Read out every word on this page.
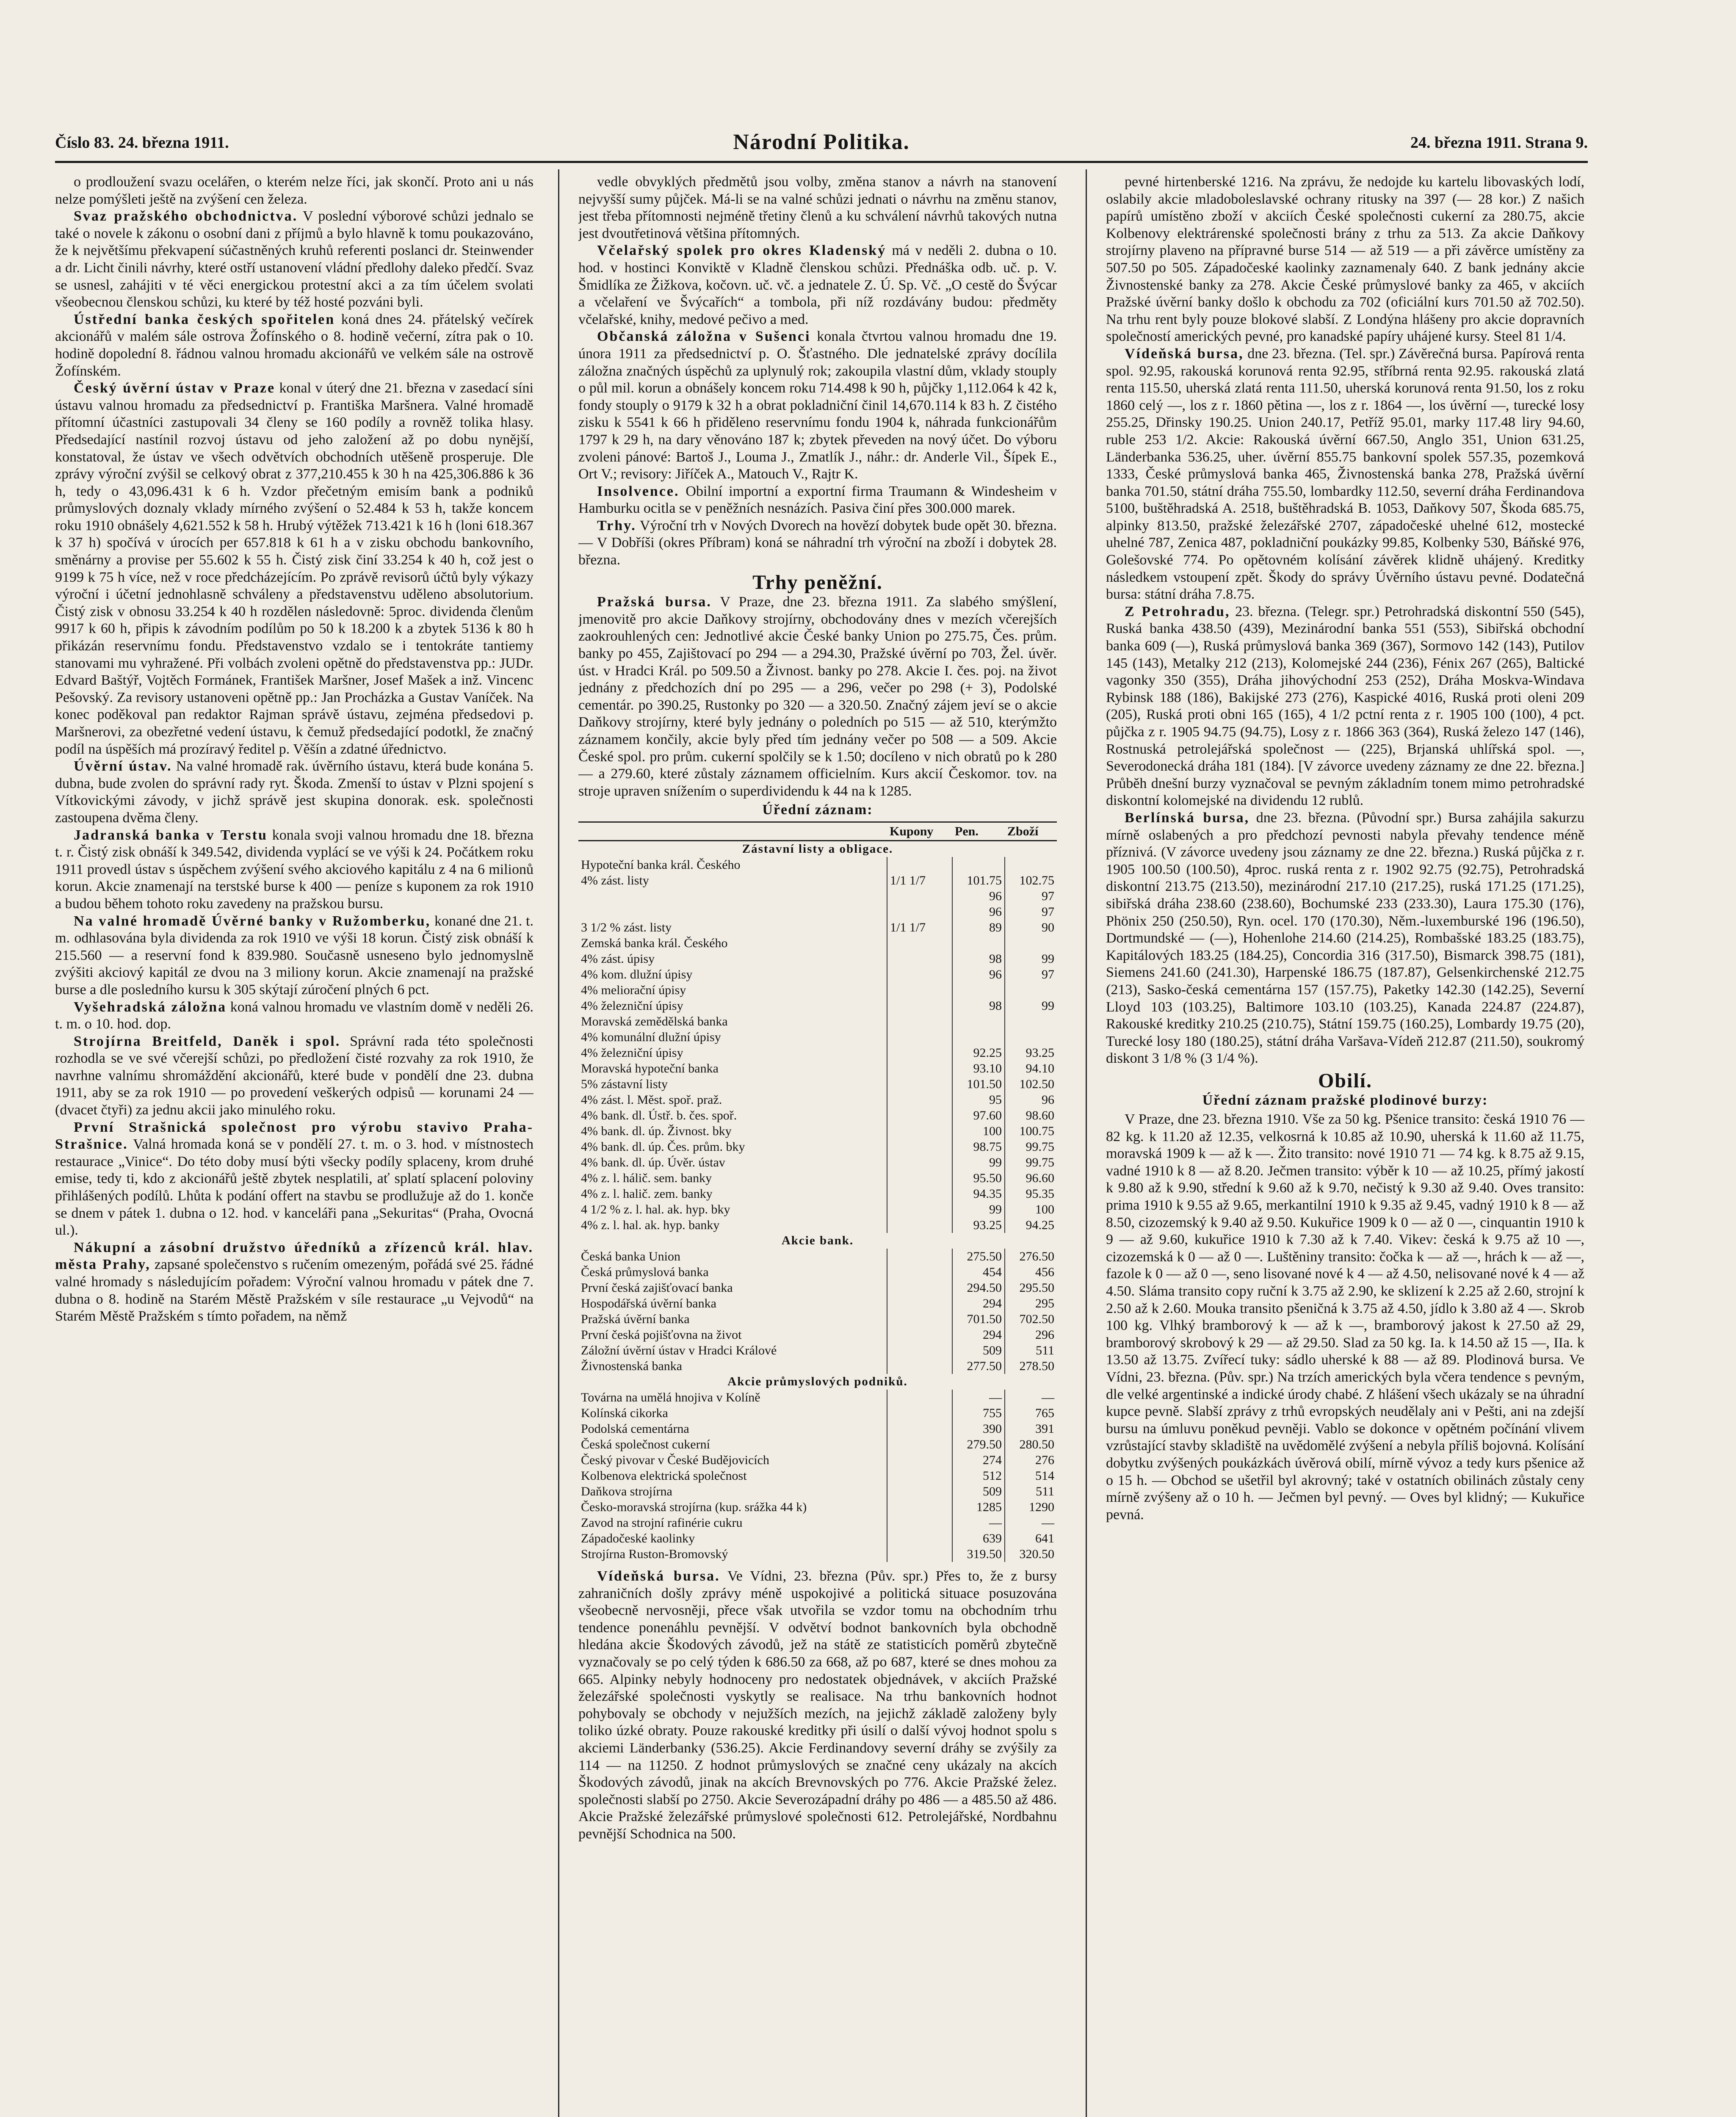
Číslo 83. 24. března 1911.	Národní Politika.	24. března 1911. Strana 9.

o prodloužení svazu ocelářen, o kterém nelze říci, jak skončí. Proto ani u nás nelze pomýšleti ještě na zvýšení cen železa.

Svaz pražského obchodnictva. V poslední výborové schůzi jednalo se také o novele k zákonu o osobní dani z příjmů a bylo hlavně k tomu poukazováno, že k největšímu překvapení súčastněných kruhů referenti poslanci dr. Steinwender a dr. Licht činili návrhy, které ostří ustanovení vládní předlohy daleko předčí. Svaz se usnesl, zahájiti v té věci energickou protestní akci a za tím účelem svolati všeobecnou členskou schůzi, ku které by též hosté pozváni byli.

Ústřední banka českých spořitelen koná dnes 24. přátelský večírek akcionářů v malém sále ostrova Žofínského o 8. hodině večerní, zítra pak o 10. hodině dopolední 8. řádnou valnou hromadu akcionářů ve velkém sále na ostrově Žofínském.

Český úvěrní ústav v Praze konal v úterý dne 21. března v zasedací síni ústavu valnou hromadu za předsednictví p. Františka Maršnera. Valné hromadě přítomní účastníci zastupovali 34 členy se 160 podíly a rovněž tolika hlasy. Předsedající nastínil rozvoj ústavu od jeho založení až po dobu nynější, konstatoval, že ústav ve všech odvětvích obchodních utěšeně prosperuje. Dle zprávy výroční zvýšil se celkový obrat z 377,210.455 k 30 h na 425,306.886 k 36 h, tedy o 43,096.431 k 6 h. Vzdor přečetným emisím bank a podniků průmyslových doznaly vklady mírného zvýšení o 52.484 k 53 h, takže koncem roku 1910 obnášely 4,621.552 k 58 h. Hrubý výtěžek 713.421 k 16 h (loni 618.367 k 37 h) spočívá v úrocích per 657.818 k 61 h a v zisku obchodu bankovního, směnárny a provise per 55.602 k 55 h. Čistý zisk činí 33.254 k 40 h, což jest o 9199 k 75 h více, než v roce předcházejícím. Po zprávě revisorů účtů byly výkazy výroční i účetní jednohlasně schváleny a představenstvu uděleno absolutorium. Čistý zisk v obnosu 33.254 k 40 h rozdělen následovně: 5proc. dividenda členům 9917 k 60 h, připis k závodním podílům po 50 k 18.200 k a zbytek 5136 k 80 h přikázán reservnímu fondu. Představenstvo vzdalo se i tentokráte tantiemy stanovami mu vyhražené. Při volbách zvoleni opětně do představenstva pp.: JUDr. Edvard Baštýř, Vojtěch Formánek, František Maršner, Josef Mašek a inž. Vincenc Pešovský. Za revisory ustanoveni opětně pp.: Jan Procházka a Gustav Vaníček. Na konec poděkoval pan redaktor Rajman správě ústavu, zejména předsedovi p. Maršnerovi, za obezřetné vedení ústavu, k čemuž předsedající podotkl, že značný podíl na úspěších má prozíravý ředitel p. Věšín a zdatné úřednictvo.

Úvěrní ústav. Na valné hromadě rak. úvěrního ústavu, která bude konána 5. dubna, bude zvolen do správní rady ryt. Škoda. Zmenší to ústav v Plzni spojení s Vítkovickými závody, v jichž správě jest skupina donorak. esk. společnosti zastoupena dvěma členy.

Jadranská banka v Terstu konala svoji valnou hromadu dne 18. března t. r. Čistý zisk obnáší k 349.542, dividenda vyplácí se ve výši k 24. Počátkem roku 1911 provedl ústav s úspěchem zvýšení svého akciového kapitálu z 4 na 6 milionů korun. Akcie znamenají na terstské burse k 400 — peníze s kuponem za rok 1910 a budou během tohoto roku zavedeny na pražskou bursu.

Na valné hromadě Úvěrné banky v Ružomberku, konané dne 21. t. m. odhlasována byla dividenda za rok 1910 ve výši 18 korun. Čistý zisk obnáší k 215.560 — a reservní fond k 839.980. Současně usneseno bylo jednomyslně zvýšiti akciový kapitál ze dvou na 3 miliony korun. Akcie znamenají na pražské burse a dle posledního kursu k 305 skýtají zúročení plných 6 pct.

Vyšehradská záložna koná valnou hromadu ve vlastním domě v neděli 26. t. m. o 10. hod. dop.

Strojírna Breitfeld, Daněk i spol. Správní rada této společnosti rozhodla se ve své včerejší schůzi, po předložení čisté rozvahy za rok 1910, že navrhne valnímu shromáždění akcionářů, které bude v pondělí dne 23. dubna 1911, aby se za rok 1910 — po provedení veškerých odpisů — korunami 24 — (dvacet čtyři) za jednu akcii jako minulého roku.

První Strašnická společnost pro výrobu stavivo Praha-Strašnice. Valná hromada koná se v pondělí 27. t. m. o 3. hod. v místnostech restaurace „Vinice“. Do této doby musí býti všecky podíly splaceny, krom druhé emise, tedy ti, kdo z akcionářů ještě zbytek nesplatili, ať splatí splacení poloviny přihlášených podílů. Lhůta k podání offert na stavbu se prodlužuje až do 1. konče se dnem v pátek 1. dubna o 12. hod. v kanceláři pana „Sekuritas“ (Praha, Ovocná ul.).

Nákupní a zásobní družstvo úředníků a zřízenců král. hlav. města Prahy, zapsané společenstvo s ručením omezeným, pořádá své 25. řádné valné hromady s následujícím pořadem: Výroční valnou hromadu v pátek dne 7. dubna o 8. hodině na Starém Městě Pražském v síle restaurace „u Vejvodů“ na Starém Městě Pražském s tímto pořadem, na němž

vedle obvyklých předmětů jsou volby, změna stanov a návrh na stanovení nejvyšší sumy půjček. Má-li se na valné schůzi jednati o návrhu na změnu stanov, jest třeba přítomnosti nejméně třetiny členů a ku schválení návrhů takových nutna jest dvoutřetinová většina přítomných.

Včelařský spolek pro okres Kladenský má v neděli 2. dubna o 10. hod. v hostinci Konviktě v Kladně členskou schůzi. Přednáška odb. uč. p. V. Šmidlíka ze Žižkova, kočovn. uč. vč. a jednatele Z. Ú. Sp. Vč. „O cestě do Švýcar a včelaření ve Švýcařích“ a tombola, při níž rozdávány budou: předměty včelařské, knihy, medové pečivo a med.

Občanská záložna v Sušenci konala čtvrtou valnou hromadu dne 19. února 1911 za předsednictví p. O. Šťastného. Dle jednatelské zprávy docílila záložna značných úspěchů za uplynulý rok; zakoupila vlastní dům, vklady stouply o půl mil. korun a obnášely koncem roku 714.498 k 90 h, půjčky 1,112.064 k 42 k, fondy stouply o 9179 k 32 h a obrat pokladniční činil 14,670.114 k 83 h. Z čistého zisku k 5541 k 66 h přiděleno reservnímu fondu 1904 k, náhrada funkcionářům 1797 k 29 h, na dary věnováno 187 k; zbytek převeden na nový účet. Do výboru zvoleni pánové: Bartoš J., Louma J., Zmatlík J., náhr.: dr. Anderle Vil., Šípek E., Ort V.; revisory: Jiříček A., Matouch V., Rajtr K.

Insolvence. Obilní importní a exportní firma Traumann & Windesheim v Hamburku ocitla se v peněžních nesnázích. Pasiva činí přes 300.000 marek.

Trhy. Výroční trh v Nových Dvorech na hovězí dobytek bude opět 30. března. — V Dobříši (okres Příbram) koná se náhradní trh výroční na zboží i dobytek 28. března.

Trhy peněžní.

Pražská bursa. V Praze, dne 23. března 1911. Za slabého smýšlení, jmenovitě pro akcie Daňkovy strojírny, obchodovány dnes v mezích včerejších zaokrouhlených cen: Jednotlivé akcie České banky Union po 275.75, Čes. prům. banky po 455, Zajištovací po 294 — a 294.30, Pražské úvěrní po 703, Žel. úvěr. úst. v Hradci Král. po 509.50 a Živnost. banky po 278. Akcie I. čes. poj. na život jednány z předchozích dní po 295 — a 296, večer po 298 (+ 3), Podolské cementár. po 390.25, Rustonky po 320 — a 320.50. Značný zájem jeví se o akcie Daňkovy strojírny, které byly jednány o poledních po 515 — až 510, kterýmžto záznamem končily, akcie byly před tím jednány večer po 508 — a 509. Akcie České spol. pro prům. cukerní spolčily se k 1.50; docíleno v nich obratů po k 280 — a 279.60, které zůstaly záznamem officielním. Kurs akcií Českomor. tov. na stroje upraven snížením o superdividendu k 44 na k 1285.

Úřední záznam:
	Kupony	Pen.	Zboží
Zástavní listy a obligace.			
Hypoteční banka král. Českého			
4% zást. listy	1/1 1/7	101.75	102.75
		96	97
		96	97
3 1/2 % zást. listy	1/1 1/7	89	90
Zemská banka král. Českého			
4% zást. úpisy		98	99
4% kom. dlužní úpisy		96	97
4% meliorační úpisy			
4% železniční úpisy		98	99
Moravská zemědělská banka			
4% komunální dlužní úpisy			
4% železniční úpisy		92.25	93.25
Moravská hypoteční banka		93.10	94.10
5% zástavní listy		101.50	102.50
4% zást. l. Měst. spoř. praž.		95	96
4% bank. dl. Ústř. b. čes. spoř.		97.60	98.60
4% bank. dl. úp. Živnost. bky		100	100.75
4% bank. dl. úp. Čes. prům. bky		98.75	99.75
4% bank. dl. úp. Úvěr. ústav		99	99.75
4% z. l. hálič. sem. banky		95.50	96.60
4% z. l. halič. zem. banky		94.35	95.35
4 1/2 % z. l. hal. ak. hyp. bky		99	100
4% z. l. hal. ak. hyp. banky		93.25	94.25
Akcie bank.			
Česká banka Union		275.50	276.50
Česká průmyslová banka		454	456
První česká zajišťovací banka		294.50	295.50
Hospodářská úvěrní banka		294	295
Pražská úvěrní banka		701.50	702.50
První česká pojišťovna na život		294	296
Záložní úvěrní ústav v Hradci Králové		509	511
Živnostenská banka		277.50	278.50
Akcie průmyslových podniků.			
Továrna na umělá hnojiva v Kolíně		—	—
Kolínská cikorka		755	765
Podolská cementárna		390	391
Česká společnost cukerní		279.50	280.50
Český pivovar v České Budějovicích		274	276
Kolbenova elektrická společnost		512	514
Daňkova strojírna		509	511
Česko-moravská strojírna (kup. srážka 44 k)		1285	1290
Zavod na strojní rafinérie cukru		—	—
Západočeské kaolinky		639	641
Strojírna Ruston-Bromovský		319.50	320.50

Vídeňská bursa. Ve Vídni, 23. března (Pův. spr.) Přes to, že z bursy zahraničních došly zprávy méně uspokojivé a politická situace posuzována všeobecně nervosněji, přece však utvořila se vzdor tomu na obchodním trhu tendence ponenáhlu pevnější. V odvětví bodnot bankovních byla obchodně hledána akcie Škodových závodů, jež na státě ze statisticích poměrů zbytečně vyznačovaly se po celý týden k 686.50 za 668, až po 687, které se dnes mohou za 665. Alpinky nebyly hodnoceny pro nedostatek objednávek, v akciích Pražské železářské společnosti vyskytly se realisace. Na trhu bankovních hodnot pohybovaly se obchody v nejužších mezích, na jejichž základě založeny byly toliko úzké obraty. Pouze rakouské kreditky při úsilí o další vývoj hodnot spolu s akciemi Länderbanky (536.25). Akcie Ferdinandovy severní dráhy se zvýšily za 114 — na 11250. Z hodnot průmyslových se značné ceny ukázaly na akcích Škodových závodů, jinak na akcích Brevnovských po 776. Akcie Pražské želez. společnosti slabší po 2750. Akcie Severozápadní dráhy po 486 — a 485.50 až 486. Akcie Pražské železářské průmyslové společnosti 612. Petrolejářské, Nordbahnu pevnější Schodnica na 500.

pevné hirtenberské 1216. Na zprávu, že nedojde ku kartelu libovaských lodí, oslabily akcie mladoboleslavské ochrany ritusky na 397 (— 28 kor.) Z našich papírů umístěno zboží v akciích České společnosti cukerní za 280.75, akcie Kolbenovy elektrárenské společnosti brány z trhu za 513. Za akcie Daňkovy strojírny plaveno na přípravné burse 514 — až 519 — a při závěrce umístěny za 507.50 po 505. Západočeské kaolinky zaznamenaly 640. Z bank jednány akcie Živnostenské banky za 278. Akcie České průmyslové banky za 465, v akciích Pražské úvěrní banky došlo k obchodu za 702 (oficiální kurs 701.50 až 702.50). Na trhu rent byly pouze blokové slabší. Z Londýna hlášeny pro akcie dopravních společností amerických pevné, pro kanadské papíry uhájené kursy. Steel 81 1/4.

Vídeňská bursa, dne 23. března. (Tel. spr.) Závěrečná bursa. Papírová renta spol. 92.95, rakouská korunová renta 92.95, stříbrná renta 92.95. rakouská zlatá renta 115.50, uherská zlatá renta 111.50, uherská korunová renta 91.50, los z roku 1860 celý —, los z r. 1860 pětina —, los z r. 1864 —, los úvěrní —, turecké losy 255.25, Dřinsky 190.25. Union 240.17, Petříž 95.01, marky 117.48 liry 94.60, ruble 253 1/2. Akcie: Rakouská úvěrní 667.50, Anglo 351, Union 631.25, Länderbanka 536.25, uher. úvěrní 855.75 bankovní spolek 557.35, pozemková 1333, České průmyslová banka 465, Živnostenská banka 278, Pražská úvěrní banka 701.50, státní dráha 755.50, lombardky 112.50, severní dráha Ferdinandova 5100, buštěhradská A. 2518, buštěhradská B. 1053, Daňkovy 507, Škoda 685.75, alpinky 813.50, pražské železářské 2707, západočeské uhelné 612, mostecké uhelné 787, Zenica 487, pokladniční poukázky 99.85, Kolbenky 530, Báňské 976, Golešovské 774. Po opětovném kolísání závěrek klidně uhájený. Kreditky následkem vstoupení zpět. Škody do správy Úvěrního ústavu pevné. Dodatečná bursa: státní dráha 7.8.75.

Z Petrohradu, 23. března. (Telegr. spr.) Petrohradská diskontní 550 (545), Ruská banka 438.50 (439), Mezinárodní banka 551 (553), Sibiřská obchodní banka 609 (—), Ruská průmyslová banka 369 (367), Sormovo 142 (143), Putilov 145 (143), Metalky 212 (213), Kolomejské 244 (236), Fénix 267 (265), Baltické vagonky 350 (355), Dráha jihovýchodní 253 (252), Dráha Moskva-Windava Rybinsk 188 (186), Bakijské 273 (276), Kaspické 4016, Ruská proti oleni 209 (205), Ruská proti obni 165 (165), 4 1/2 pctní renta z r. 1905 100 (100), 4 pct. půjčka z r. 1905 94.75 (94.75), Losy z r. 1866 363 (364), Ruská železo 147 (146), Rostnuská petrolejářská společnost — (225), Brjanská uhlířská spol. —, Severodonecká dráha 181 (184). [V závorce uvedeny záznamy ze dne 22. března.] Průběh dnešní burzy vyznačoval se pevným základním tonem mimo petrohradské diskontní kolomejské na dividendu 12 rublů.

Berlínská bursa, dne 23. března. (Původní spr.) Bursa zahájila sakurzu mírně oslabených a pro předchozí pevnosti nabyla převahy tendence méně příznivá. (V závorce uvedeny jsou záznamy ze dne 22. března.) Ruská půjčka z r. 1905 100.50 (100.50), 4proc. ruská renta z r. 1902 92.75 (92.75), Petrohradská diskontní 213.75 (213.50), mezinárodní 217.10 (217.25), ruská 171.25 (171.25), sibiřská dráha 238.60 (238.60), Bochumské 233 (233.30), Laura 175.30 (176), Phönix 250 (250.50), Ryn. ocel. 170 (170.30), Něm.-luxemburské 196 (196.50), Dortmundské — (—), Hohenlohe 214.60 (214.25), Rombašské 183.25 (183.75), Kapitálových 183.25 (184.25), Concordia 316 (317.50), Bismarck 398.75 (181), Siemens 241.60 (241.30), Harpenské 186.75 (187.87), Gelsenkirchenské 212.75 (213), Sasko-česká cementárna 157 (157.75), Paketky 142.30 (142.25), Severní Lloyd 103 (103.25), Baltimore 103.10 (103.25), Kanada 224.87 (224.87), Rakouské kreditky 210.25 (210.75), Státní 159.75 (160.25), Lombardy 19.75 (20), Turecké losy 180 (180.25), státní dráha Varšava-Vídeň 212.87 (211.50), soukromý diskont 3 1/8 % (3 1/4 %).

Obilí.
Úřední záznam pražské plodinové burzy:

V Praze, dne 23. března 1910. Vše za 50 kg. Pšenice transito: česká 1910 76 — 82 kg. k 11.20 až 12.35, velkosrná k 10.85 až 10.90, uherská k 11.60 až 11.75, moravská 1909 k — až k —. Žito transito: nové 1910 71 — 74 kg. k 8.75 až 9.15, vadné 1910 k 8 — až 8.20. Ječmen transito: výběr k 10 — až 10.25, přímý jakostí k 9.80 až k 9.90, střední k 9.60 až k 9.70, nečistý k 9.30 až 9.40. Oves transito: prima 1910 k 9.55 až 9.65, merkantilní 1910 k 9.35 až 9.45, vadný 1910 k 8 — až 8.50, cizozemský k 9.40 až 9.50. Kukuřice 1909 k 0 — až 0 —, cinquantin 1910 k 9 — až 9.60, kukuřice 1910 k 7.30 až k 7.40. Vikev: česká k 9.75 až 10 —, cizozemská k 0 — až 0 —. Luštěniny transito: čočka k — až —, hrách k — až —, fazole k 0 — až 0 —, seno lisované nové k 4 — až 4.50, nelisované nové k 4 — až 4.50. Sláma transito copy ruční k 3.75 až 2.90, ke sklizení k 2.25 až 2.60, strojní k 2.50 až k 2.60. Mouka transito pšeničná k 3.75 až 4.50, jídlo k 3.80 až 4 —. Skrob 100 kg. Vlhký bramborový k — až k —, bramborový jakost k 27.50 až 29, bramborový skrobový k 29 — až 29.50. Slad za 50 kg. Ia. k 14.50 až 15 —, IIa. k 13.50 až 13.75. Zvířecí tuky: sádlo uherské k 88 — až 89. Plodinová bursa. Ve Vídni, 23. března. (Pův. spr.) Na trzích amerických byla včera tendence s pevným, dle velké argentinské a indické úrody chabé. Z hlášení všech ukázaly se na úhradní kupce pevně. Slabší zprávy z trhů evropských neudělaly ani v Pešti, ani na zdejší bursu na úmluvu poněkud pevněji. Vablo se dokonce v opětném počínání vlivem vzrůstající stavby skladiště na uvědomělé zvýšení a nebyla příliš bojovná. Kolísání dobytku zvýšených poukázkách úvěrová obilí, mírně vývoz a tedy kurs pšenice až o 15 h. — Obchod se ušetřil byl akrovný; také v ostatních obilinách zůstaly ceny mírně zvýšeny až o 10 h. — Ječmen byl pevný. — Oves byl klidný; — Kukuřice pevná.
